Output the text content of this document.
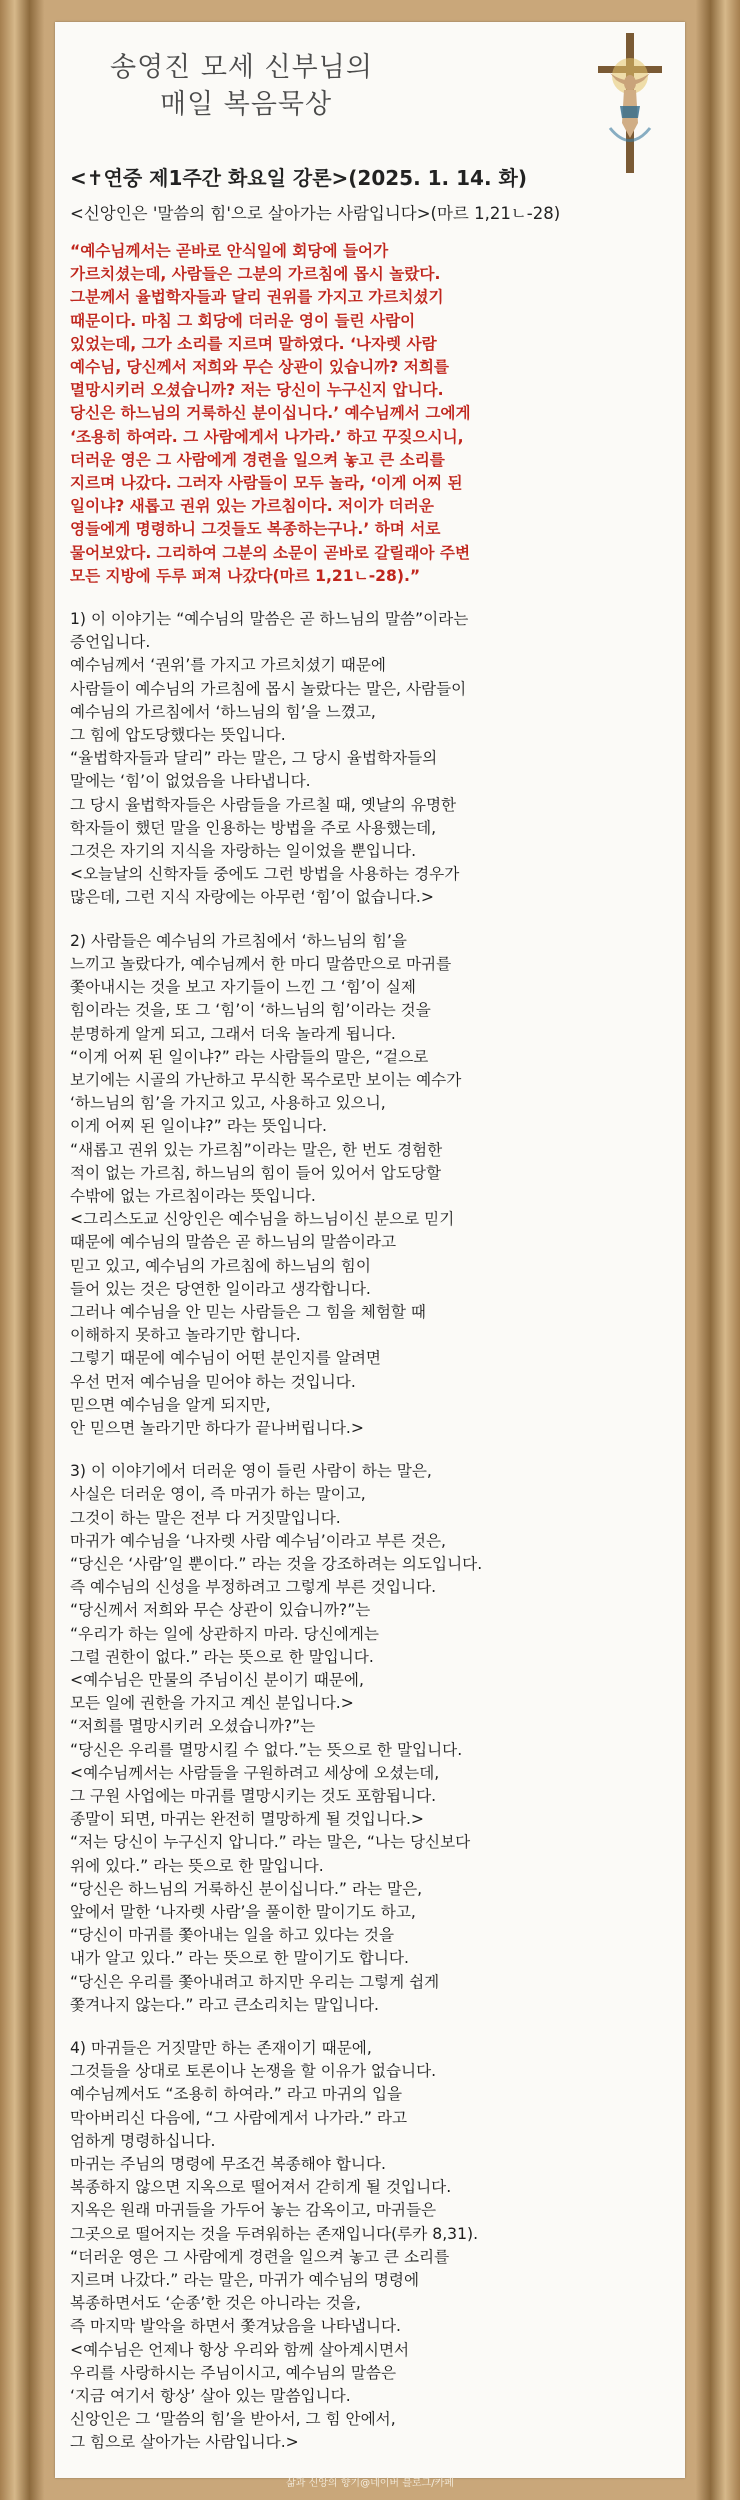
송영진 모세 신부님의
매일 복음묵상
<✝연중 제1주간 화요일 강론>(2025. 1. 14. 화)
<신앙인은 '말씀의 힘'으로 살아가는 사람입니다>(마르 1,21ㄴ-28)
“예수님께서는 곧바로 안식일에 회당에 들어가
가르치셨는데, 사람들은 그분의 가르침에 몹시 놀랐다.
그분께서 율법학자들과 달리 권위를 가지고 가르치셨기
때문이다. 마침 그 회당에 더러운 영이 들린 사람이
있었는데, 그가 소리를 지르며 말하였다. ‘나자렛 사람
예수님, 당신께서 저희와 무슨 상관이 있습니까? 저희를
멸망시키러 오셨습니까? 저는 당신이 누구신지 압니다.
당신은 하느님의 거룩하신 분이십니다.’ 예수님께서 그에게
‘조용히 하여라. 그 사람에게서 나가라.’ 하고 꾸짖으시니,
더러운 영은 그 사람에게 경련을 일으켜 놓고 큰 소리를
지르며 나갔다. 그러자 사람들이 모두 놀라, ‘이게 어찌 된
일이냐? 새롭고 권위 있는 가르침이다. 저이가 더러운
영들에게 명령하니 그것들도 복종하는구나.’ 하며 서로
물어보았다. 그리하여 그분의 소문이 곧바로 갈릴래아 주변
모든 지방에 두루 퍼져 나갔다(마르 1,21ㄴ-28).”
1) 이 이야기는 “예수님의 말씀은 곧 하느님의 말씀”이라는
증언입니다.
예수님께서 ‘권위’를 가지고 가르치셨기 때문에
사람들이 예수님의 가르침에 몹시 놀랐다는 말은, 사람들이
예수님의 가르침에서 ‘하느님의 힘’을 느꼈고,
그 힘에 압도당했다는 뜻입니다.
“율법학자들과 달리” 라는 말은, 그 당시 율법학자들의
말에는 ‘힘’이 없었음을 나타냅니다.
그 당시 율법학자들은 사람들을 가르칠 때, 옛날의 유명한
학자들이 했던 말을 인용하는 방법을 주로 사용했는데,
그것은 자기의 지식을 자랑하는 일이었을 뿐입니다.
<오늘날의 신학자들 중에도 그런 방법을 사용하는 경우가
많은데, 그런 지식 자랑에는 아무런 ‘힘’이 없습니다.>
2) 사람들은 예수님의 가르침에서 ‘하느님의 힘’을
느끼고 놀랐다가, 예수님께서 한 마디 말씀만으로 마귀를
쫓아내시는 것을 보고 자기들이 느낀 그 ‘힘’이 실제
힘이라는 것을, 또 그 ‘힘’이 ‘하느님의 힘’이라는 것을
분명하게 알게 되고, 그래서 더욱 놀라게 됩니다.
“이게 어찌 된 일이냐?” 라는 사람들의 말은, “겉으로
보기에는 시골의 가난하고 무식한 목수로만 보이는 예수가
‘하느님의 힘’을 가지고 있고, 사용하고 있으니,
이게 어찌 된 일이냐?” 라는 뜻입니다.
“새롭고 권위 있는 가르침”이라는 말은, 한 번도 경험한
적이 없는 가르침, 하느님의 힘이 들어 있어서 압도당할
수밖에 없는 가르침이라는 뜻입니다.
<그리스도교 신앙인은 예수님을 하느님이신 분으로 믿기
때문에 예수님의 말씀은 곧 하느님의 말씀이라고
믿고 있고, 예수님의 가르침에 하느님의 힘이
들어 있는 것은 당연한 일이라고 생각합니다.
그러나 예수님을 안 믿는 사람들은 그 힘을 체험할 때
이해하지 못하고 놀라기만 합니다.
그렇기 때문에 예수님이 어떤 분인지를 알려면
우선 먼저 예수님을 믿어야 하는 것입니다.
믿으면 예수님을 알게 되지만,
안 믿으면 놀라기만 하다가 끝나버립니다.>
3) 이 이야기에서 더러운 영이 들린 사람이 하는 말은,
사실은 더러운 영이, 즉 마귀가 하는 말이고,
그것이 하는 말은 전부 다 거짓말입니다.
마귀가 예수님을 ‘나자렛 사람 예수님’이라고 부른 것은,
“당신은 ‘사람’일 뿐이다.” 라는 것을 강조하려는 의도입니다.
즉 예수님의 신성을 부정하려고 그렇게 부른 것입니다.
“당신께서 저희와 무슨 상관이 있습니까?”는
“우리가 하는 일에 상관하지 마라. 당신에게는
그럴 권한이 없다.” 라는 뜻으로 한 말입니다.
<예수님은 만물의 주님이신 분이기 때문에,
모든 일에 권한을 가지고 계신 분입니다.>
“저희를 멸망시키러 오셨습니까?”는
“당신은 우리를 멸망시킬 수 없다.”는 뜻으로 한 말입니다.
<예수님께서는 사람들을 구원하려고 세상에 오셨는데,
그 구원 사업에는 마귀를 멸망시키는 것도 포함됩니다.
종말이 되면, 마귀는 완전히 멸망하게 될 것입니다.>
“저는 당신이 누구신지 압니다.” 라는 말은, “나는 당신보다
위에 있다.” 라는 뜻으로 한 말입니다.
“당신은 하느님의 거룩하신 분이십니다.” 라는 말은,
앞에서 말한 ‘나자렛 사람’을 풀이한 말이기도 하고,
“당신이 마귀를 쫓아내는 일을 하고 있다는 것을
내가 알고 있다.” 라는 뜻으로 한 말이기도 합니다.
“당신은 우리를 쫓아내려고 하지만 우리는 그렇게 쉽게
쫓겨나지 않는다.” 라고 큰소리치는 말입니다.
4) 마귀들은 거짓말만 하는 존재이기 때문에,
그것들을 상대로 토론이나 논쟁을 할 이유가 없습니다.
예수님께서도 “조용히 하여라.” 라고 마귀의 입을
막아버리신 다음에, “그 사람에게서 나가라.” 라고
엄하게 명령하십니다.
마귀는 주님의 명령에 무조건 복종해야 합니다.
복종하지 않으면 지옥으로 떨어져서 갇히게 될 것입니다.
지옥은 원래 마귀들을 가두어 놓는 감옥이고, 마귀들은
그곳으로 떨어지는 것을 두려워하는 존재입니다(루카 8,31).
“더러운 영은 그 사람에게 경련을 일으켜 놓고 큰 소리를
지르며 나갔다.” 라는 말은, 마귀가 예수님의 명령에
복종하면서도 ‘순종’한 것은 아니라는 것을,
즉 마지막 발악을 하면서 쫓겨났음을 나타냅니다.
<예수님은 언제나 항상 우리와 함께 살아계시면서
우리를 사랑하시는 주님이시고, 예수님의 말씀은
‘지금 여기서 항상’ 살아 있는 말씀입니다.
신앙인은 그 ‘말씀의 힘’을 받아서, 그 힘 안에서,
그 힘으로 살아가는 사람입니다.>
삶과 신앙의 향기@네이버 블로그/카페
